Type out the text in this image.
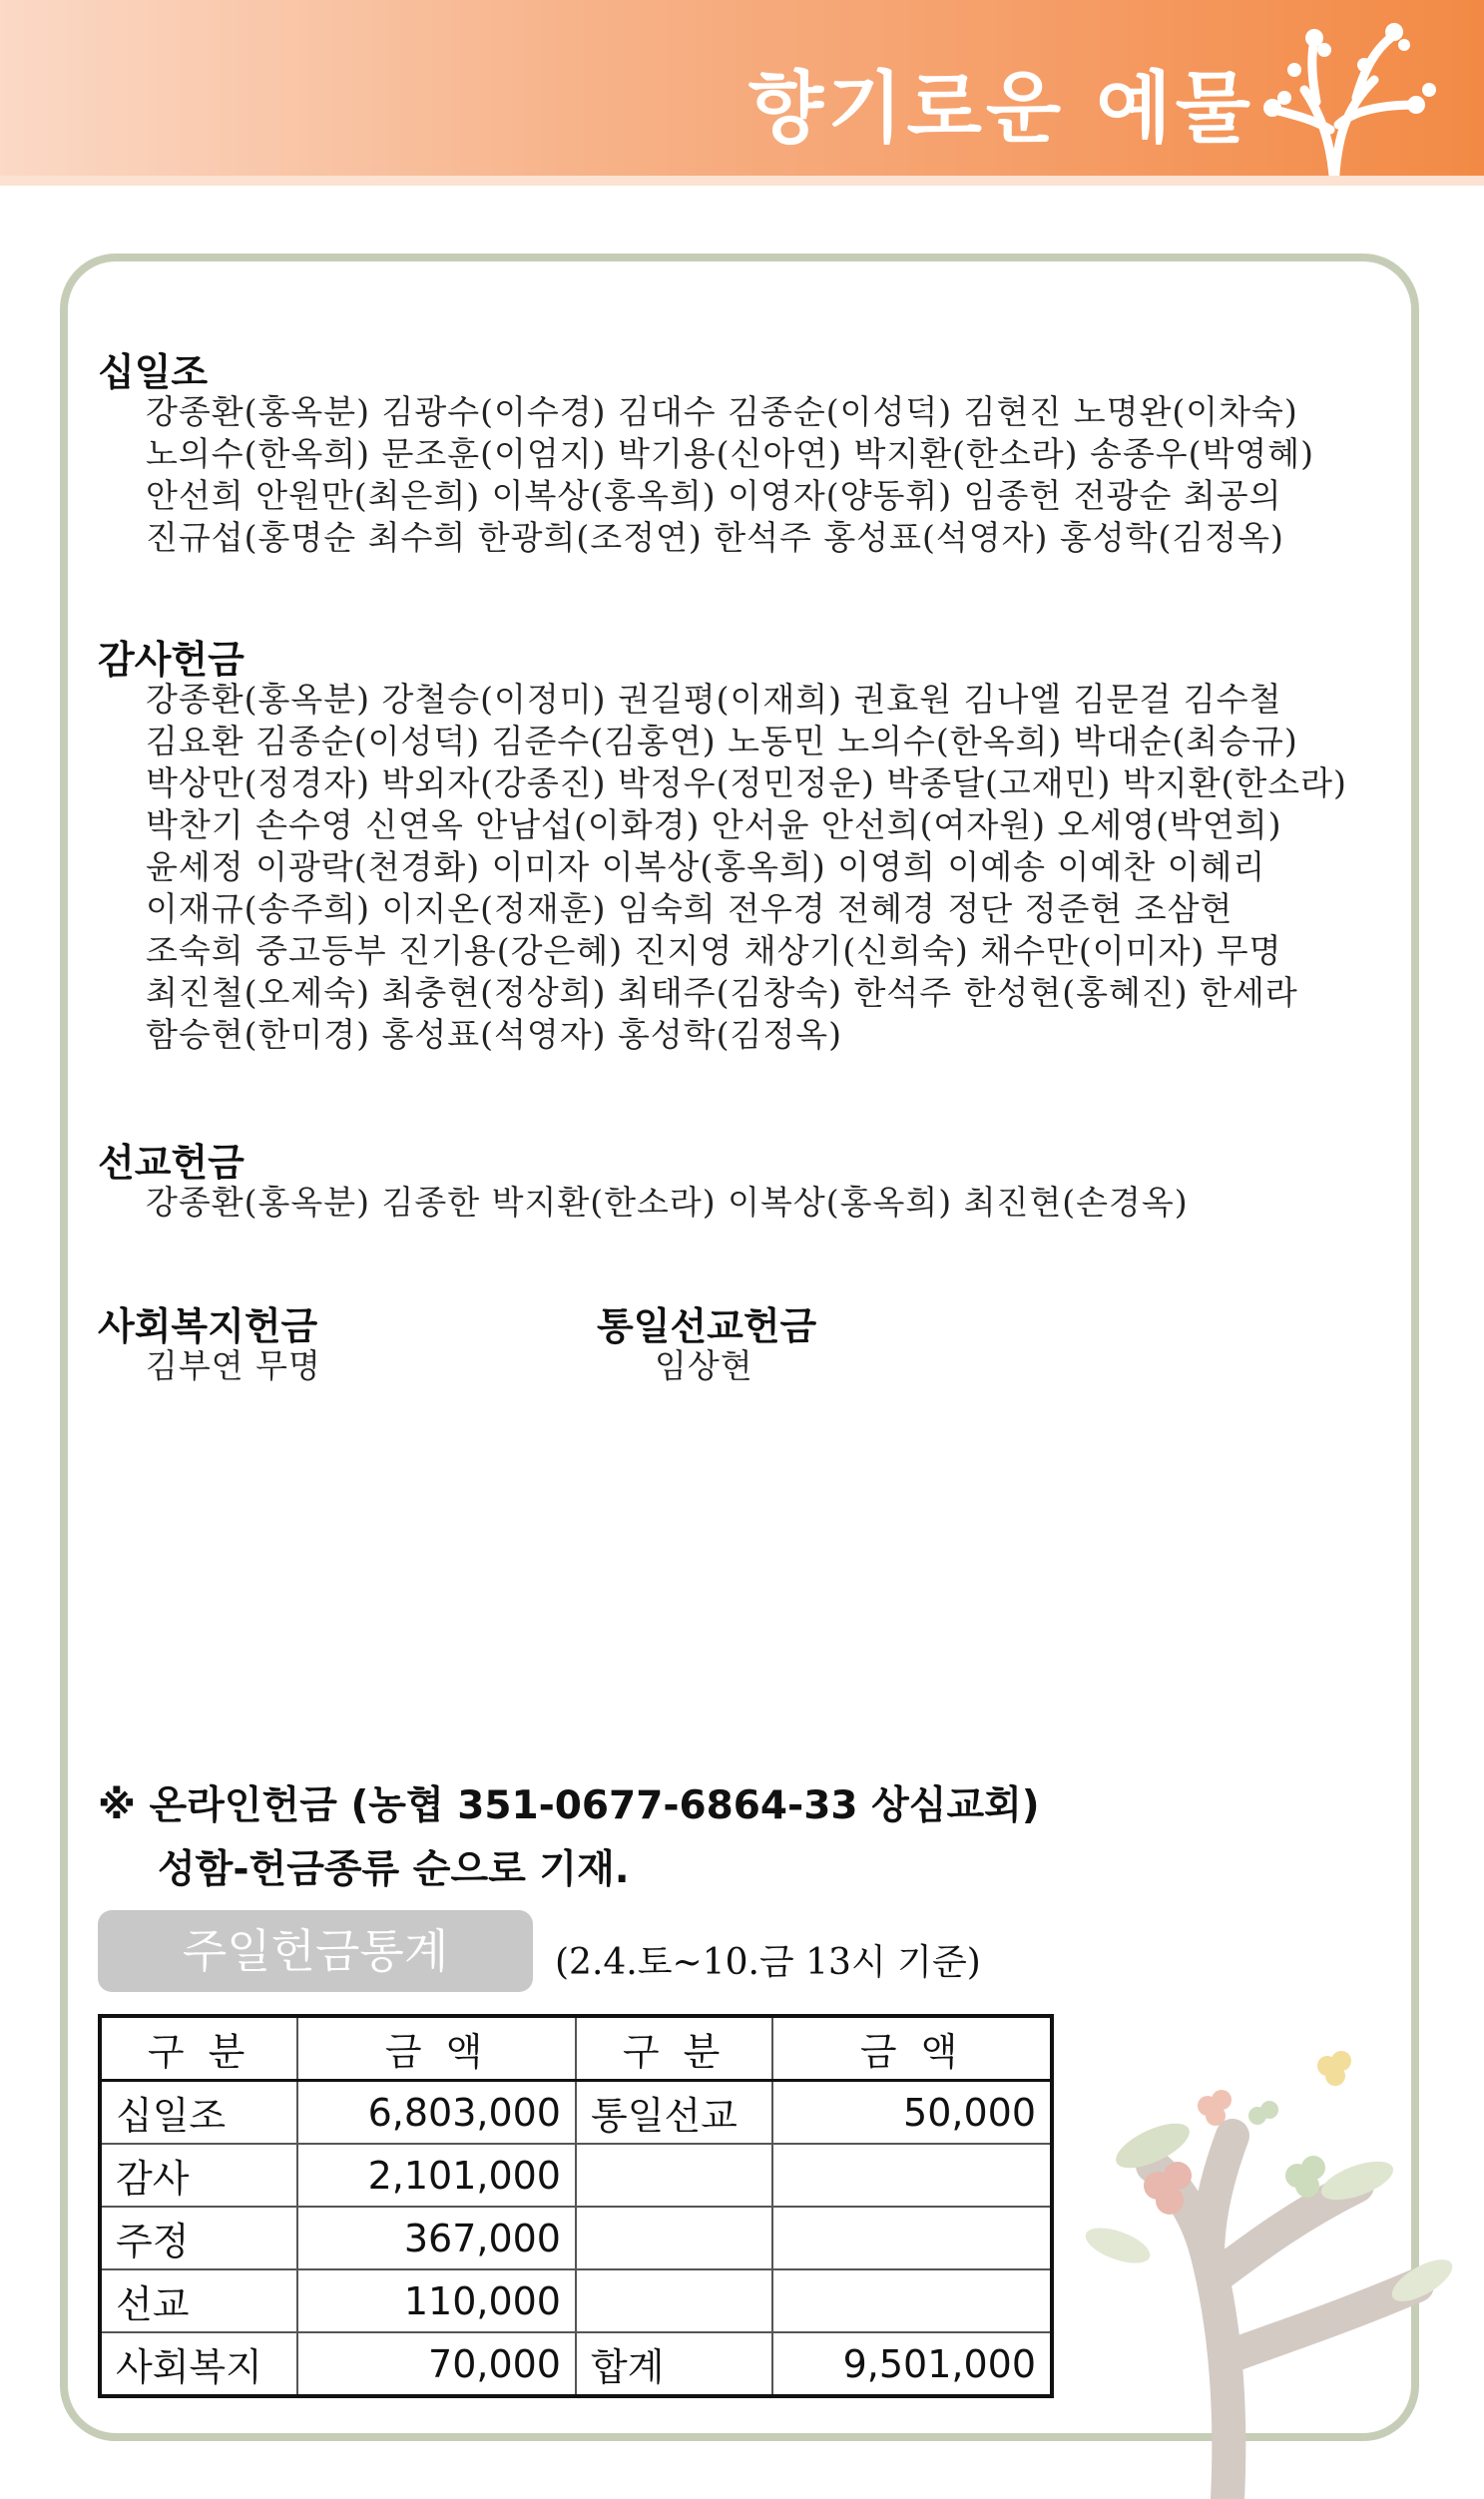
향기로운 예물
십일조
강종환(홍옥분) 김광수(이수경) 김대수 김종순(이성덕) 김현진 노명완(이차숙)
노의수(한옥희) 문조훈(이엄지) 박기용(신아연) 박지환(한소라) 송종우(박영혜)
안선희 안원만(최은희) 이복상(홍옥희) 이영자(양동휘) 임종헌 전광순 최공의
진규섭(홍명순 최수희 한광희(조정연) 한석주 홍성표(석영자) 홍성학(김정옥)
감사헌금
강종환(홍옥분) 강철승(이정미) 권길평(이재희) 권효원 김나엘 김문걸 김수철
김요환 김종순(이성덕) 김준수(김홍연) 노동민 노의수(한옥희) 박대순(최승규)
박상만(정경자) 박외자(강종진) 박정우(정민정운) 박종달(고재민) 박지환(한소라)
박찬기 손수영 신연옥 안남섭(이화경) 안서윤 안선희(여자원) 오세영(박연희)
윤세정 이광락(천경화) 이미자 이복상(홍옥희) 이영희 이예송 이예찬 이혜리
이재규(송주희) 이지온(정재훈) 임숙희 전우경 전혜경 정단 정준현 조삼현
조숙희 중고등부 진기용(강은혜) 진지영 채상기(신희숙) 채수만(이미자) 무명
최진철(오제숙) 최충현(정상희) 최태주(김창숙) 한석주 한성현(홍혜진) 한세라
함승현(한미경) 홍성표(석영자) 홍성학(김정옥)
선교헌금
강종환(홍옥분) 김종한 박지환(한소라) 이복상(홍옥희) 최진현(손경옥)
사회복지헌금
김부연 무명
통일선교헌금
임상현
※ 온라인헌금 (농협 351-0677-6864-33 상심교회)
성함-헌금종류 순으로 기재.
주일헌금통계	(2.4.토~10.금 13시 기준)
구 분	금 액	구 분	금 액
십일조	6,803,000	통일선교	50,000
감사	2,101,000		
주정	367,000		
선교	110,000		
사회복지	70,000	합계	9,501,000
